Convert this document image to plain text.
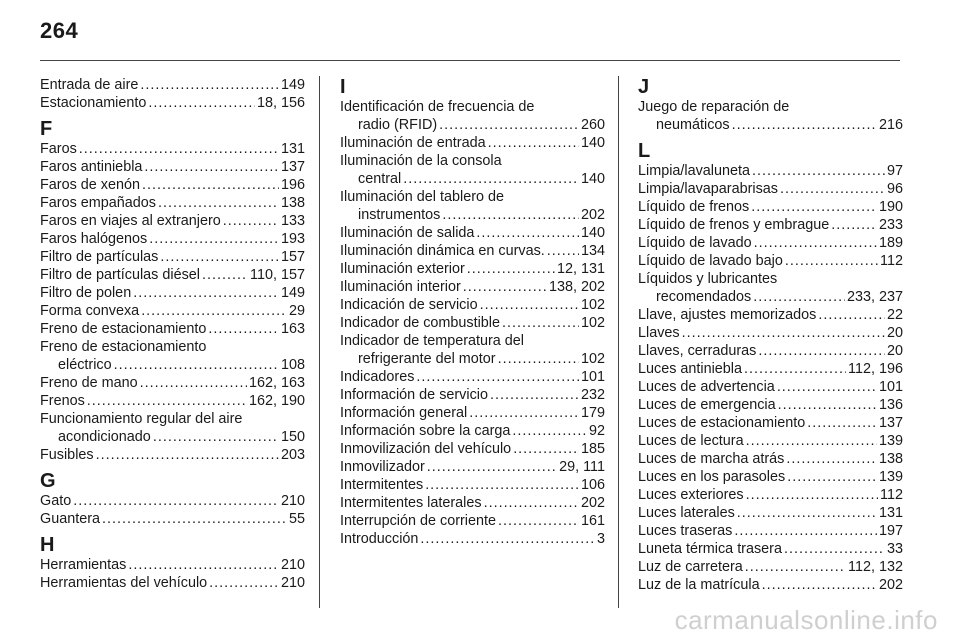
264
Entrada de aire . . .	149
Estacionamiento . . .	18, 156
F
Faros . . .	131
Faros antiniebla . . .	137
Faros de xenón . . .	196
Faros empañados . . .	138
Faros en viajes al extranjero . . .	133
Faros halógenos . . .	193
Filtro de partículas . . .	157
Filtro de partículas diésel . . .	110, 157
Filtro de polen . . .	149
Forma convexa . . .	29
Freno de estacionamiento . . .	163
Freno de estacionamiento
eléctrico . . .	108
Freno de mano . . .	162, 163
Frenos . . .	162, 190
Funcionamiento regular del aire
acondicionado . . .	150
Fusibles . . .	203
G
Gato . . .	210
Guantera . . .	55
H
Herramientas . . .	210
Herramientas del vehículo . . .	210
I
Identificación de frecuencia de
radio (RFID) . . .	260
Iluminación de entrada . . .	140
Iluminación de la consola
central . . .	140
Iluminación del tablero de
instrumentos . . .	202
Iluminación de salida . . .	140
Iluminación dinámica en curvas. . . .	134
Iluminación exterior . . .	12, 131
Iluminación interior . . .	138, 202
Indicación de servicio . . .	102
Indicador de combustible . . .	102
Indicador de temperatura del
refrigerante del motor . . .	102
Indicadores . . .	101
Información de servicio . . .	232
Información general . . .	179
Información sobre la carga . . .	92
Inmovilización del vehículo . . .	185
Inmovilizador . . .	29, 111
Intermitentes . . .	106
Intermitentes laterales . . .	202
Interrupción de corriente . . .	161
Introducción . . .	3
J
Juego de reparación de
neumáticos . . .	216
L
Limpia/lavaluneta . . .	97
Limpia/lavaparabrisas . . .	96
Líquido de frenos . . .	190
Líquido de frenos y embrague . . .	233
Líquido de lavado . . .	189
Líquido de lavado bajo . . .	112
Líquidos y lubricantes
recomendados . . .	233, 237
Llave, ajustes memorizados . . .	22
Llaves . . .	20
Llaves, cerraduras . . .	20
Luces antiniebla . . .	112, 196
Luces de advertencia . . .	101
Luces de emergencia . . .	136
Luces de estacionamiento . . .	137
Luces de lectura . . .	139
Luces de marcha atrás . . .	138
Luces en los parasoles . . .	139
Luces exteriores . . .	112
Luces laterales . . .	131
Luces traseras . . .	197
Luneta térmica trasera . . .	33
Luz de carretera . . .	112, 132
Luz de la matrícula . . .	202
carmanualsonline.info
